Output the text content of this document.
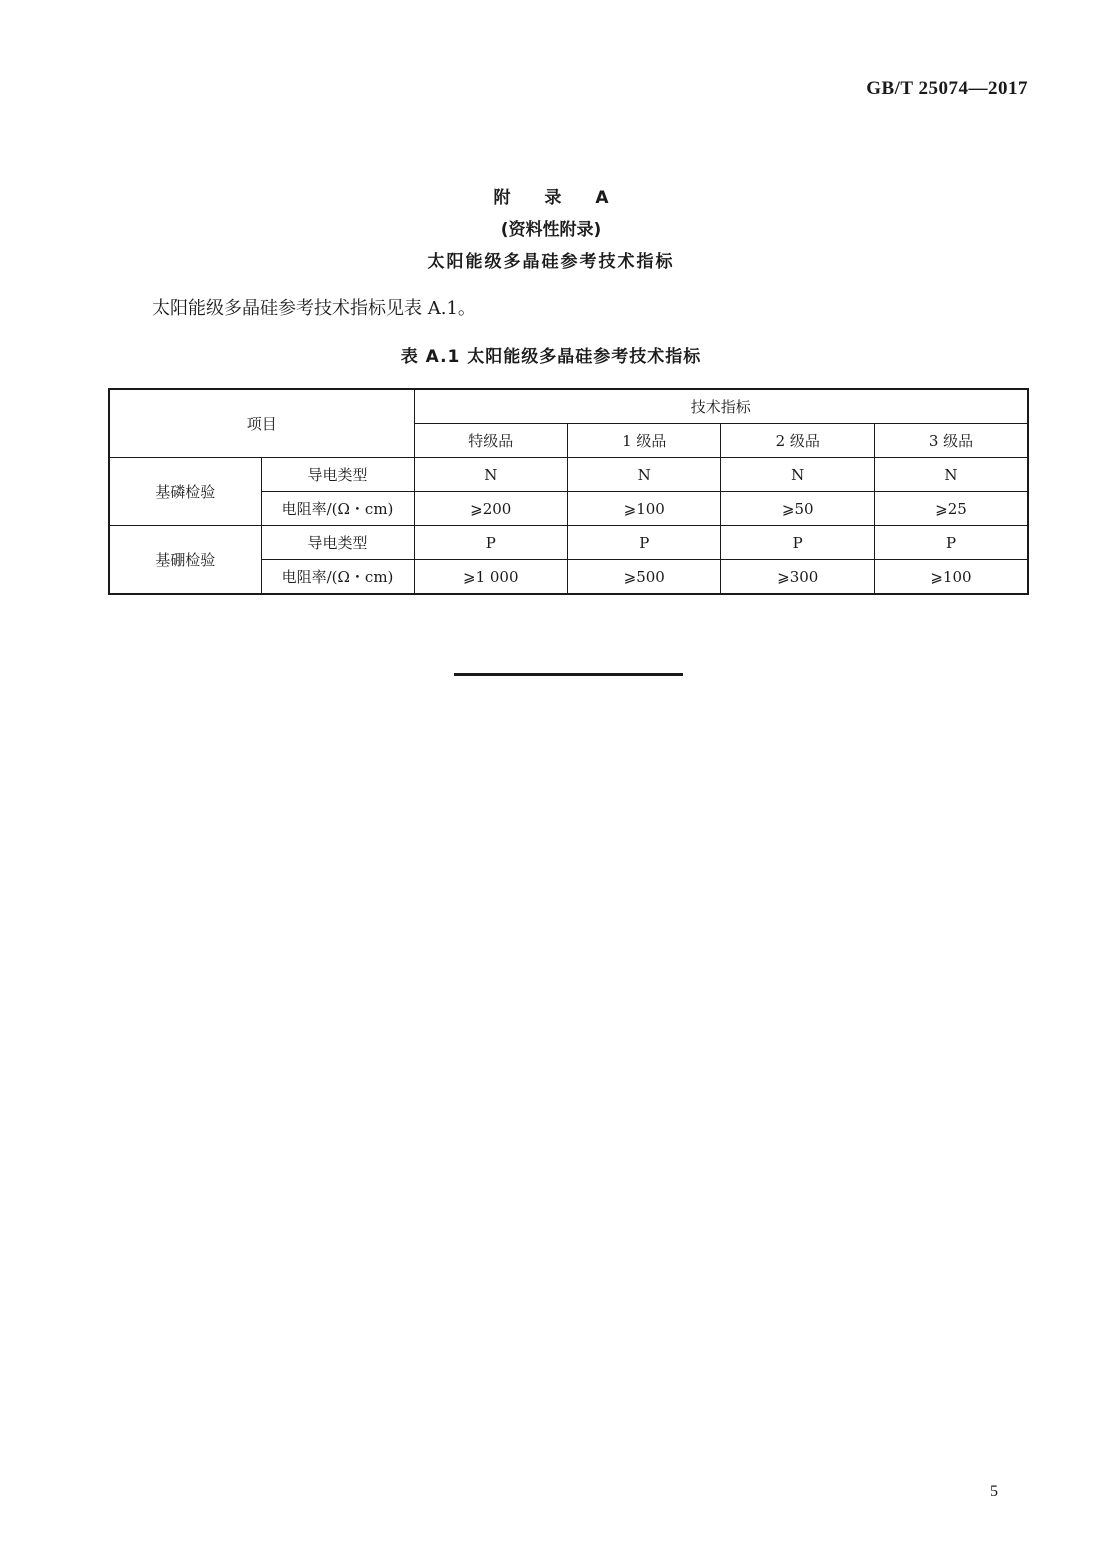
GB/T 25074—2017
附 录 A
(资料性附录)
太阳能级多晶硅参考技术指标
太阳能级多晶硅参考技术指标见表 A.1。
表 A.1 太阳能级多晶硅参考技术指标
项目		技术指标			
		特级品	1 级品	2 级品	3 级品
基磷检验	导电类型	N	N	N	N
	电阻率/(Ω・cm)	⩾200	⩾100	⩾50	⩾25
基硼检验	导电类型	P	P	P	P
	电阻率/(Ω・cm)	⩾1 000	⩾500	⩾300	⩾100
5
